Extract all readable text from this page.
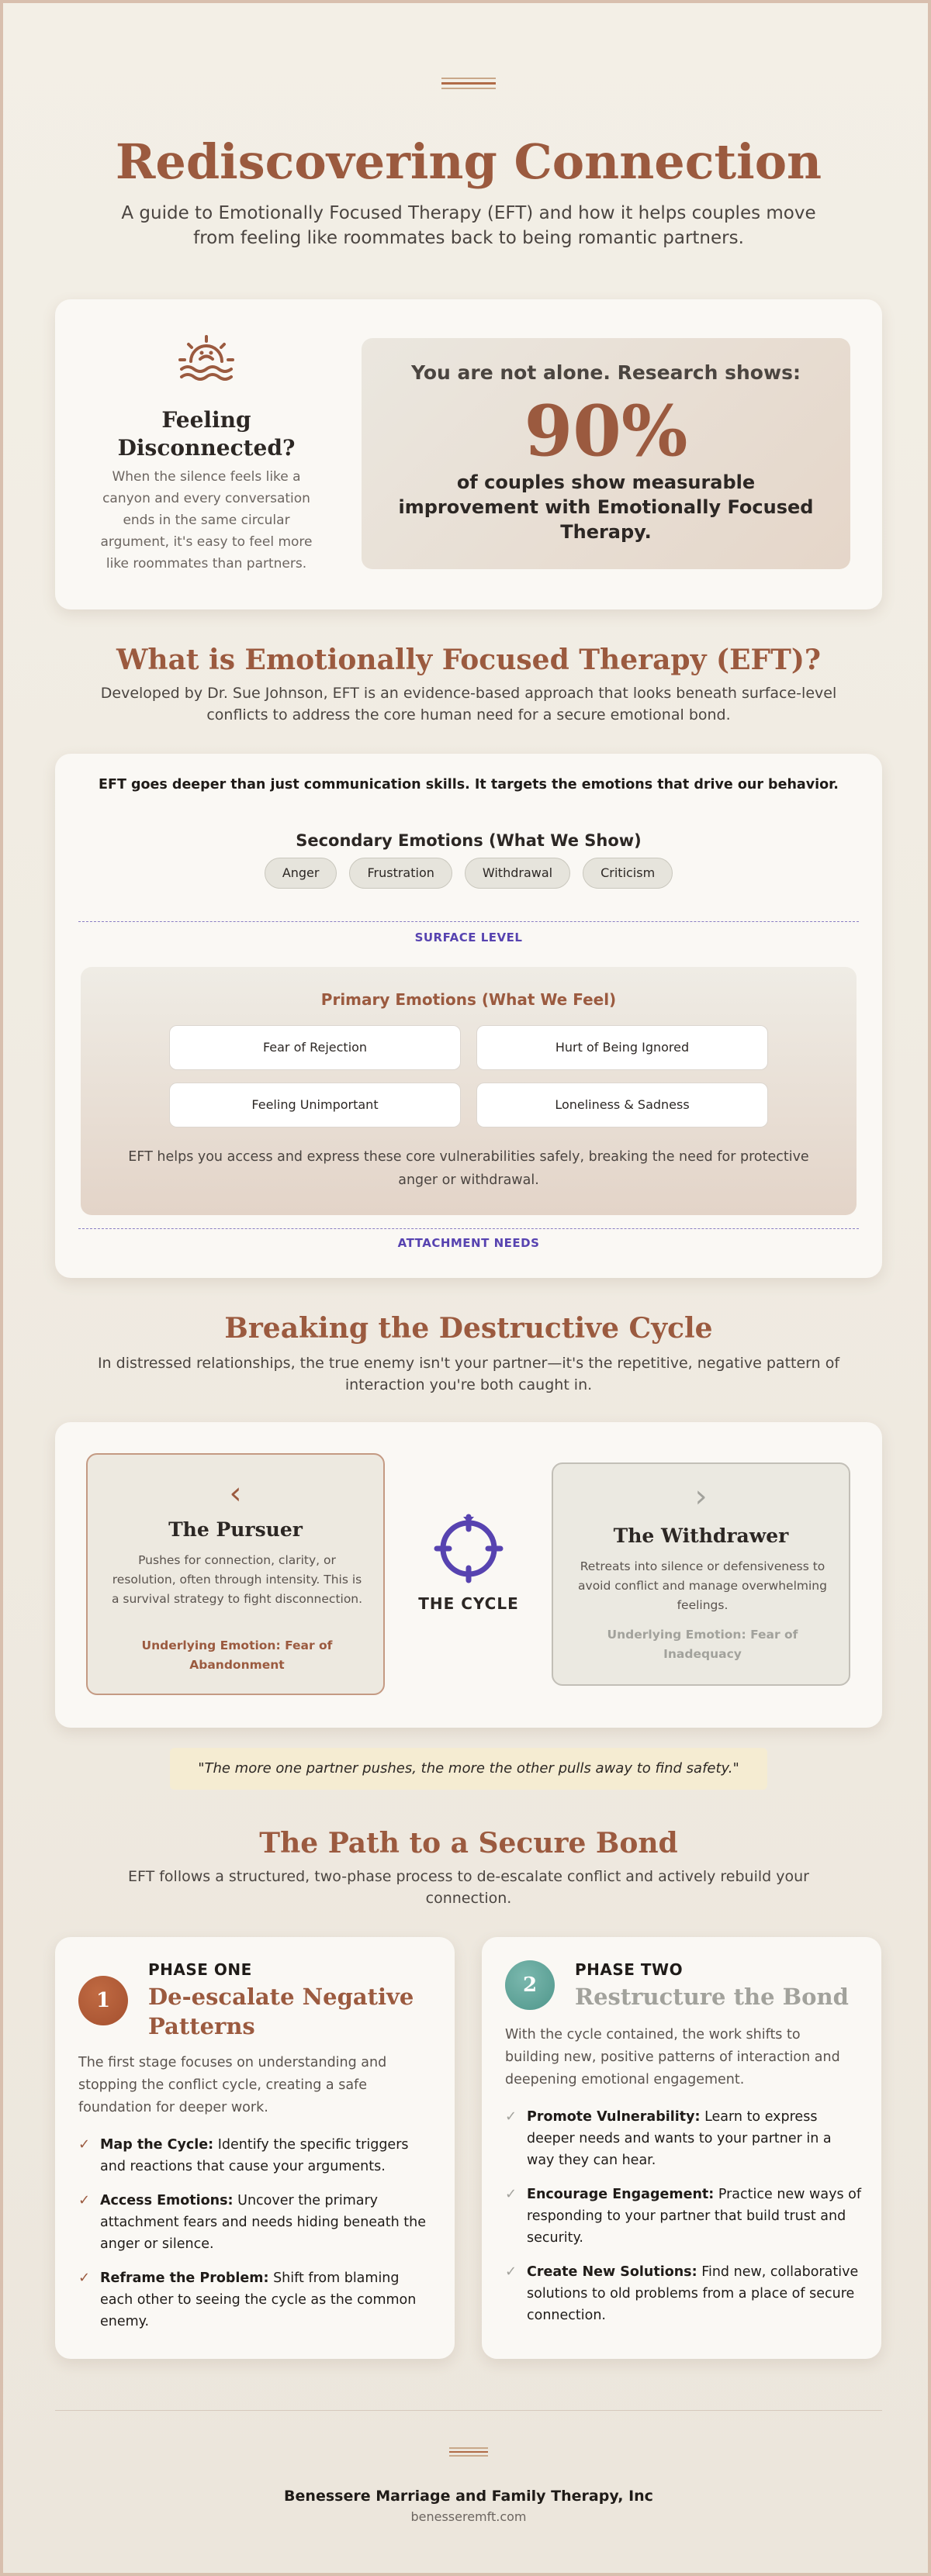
Rediscovering Connection

A guide to Emotionally Focused Therapy (EFT) and how it helps couples move from feeling like roommates back to being romantic partners.

Feeling Disconnected?
When the silence feels like a canyon and every conversation ends in the same circular argument, it's easy to feel more like roommates than partners.
You are not alone. Research shows:
90%
of couples show measurable improvement with Emotionally Focused Therapy.
What is Emotionally Focused Therapy (EFT)?

Developed by Dr. Sue Johnson, EFT is an evidence-based approach that looks beneath surface-level conflicts to address the core human need for a secure emotional bond.

EFT goes deeper than just communication skills. It targets the emotions that drive our behavior.
Secondary Emotions (What We Show)
Anger	Frustration	Withdrawal	Criticism
SURFACE LEVEL
Primary Emotions (What We Feel)
Fear of Rejection	Hurt of Being Ignored
Feeling Unimportant	Loneliness & Sadness
EFT helps you access and express these core vulnerabilities safely, breaking the need for protective anger or withdrawal.
ATTACHMENT NEEDS
Breaking the Destructive Cycle

In distressed relationships, the true enemy isn't your partner—it's the repetitive, negative pattern of interaction you're both caught in.

‹
The Pursuer
Pushes for connection, clarity, or resolution, often through intensity. This is a survival strategy to fight disconnection.
Underlying Emotion: Fear of Abandonment
THE CYCLE
›
The Withdrawer
Retreats into silence or defensiveness to avoid conflict and manage overwhelming feelings.
Underlying Emotion: Fear of Inadequacy
"The more one partner pushes, the more the other pulls away to find safety."
The Path to a Secure Bond

EFT follows a structured, two-phase process to de-escalate conflict and actively rebuild your connection.

1
PHASE ONE
De-escalate Negative Patterns
The first stage focuses on understanding and stopping the conflict cycle, creating a safe foundation for deeper work.
✓ Map the Cycle: Identify the specific triggers and reactions that cause your arguments.
✓ Access Emotions: Uncover the primary attachment fears and needs hiding beneath the anger or silence.
✓ Reframe the Problem: Shift from blaming each other to seeing the cycle as the common enemy.
2
PHASE TWO
Restructure the Bond
With the cycle contained, the work shifts to building new, positive patterns of interaction and deepening emotional engagement.
✓ Promote Vulnerability: Learn to express deeper needs and wants to your partner in a way they can hear.
✓ Encourage Engagement: Practice new ways of responding to your partner that build trust and security.
✓ Create New Solutions: Find new, collaborative solutions to old problems from a place of secure connection.
Benessere Marriage and Family Therapy, Inc
benesseremft.com
